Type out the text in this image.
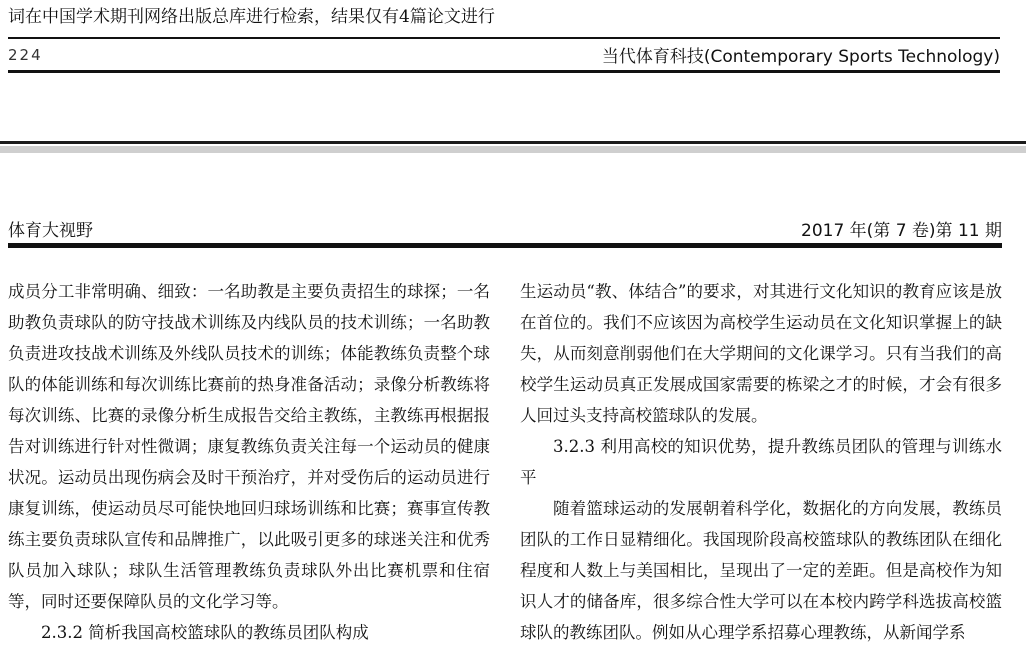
词在中国学术期刊网络出版总库进行检索，结果仅有4篇论文进行
224	当代体育科技(Contemporary Sports Technology)
体育大视野	2017 年(第 7 卷)第 11 期

成员分工非常明确、细致：一名助教是主要负责招生的球探；一名助教负责球队的防守技战术训练及内线队员的技术训练；一名助教负责进攻技战术训练及外线队员技术的训练；体能教练负责整个球队的体能训练和每次训练比赛前的热身准备活动；录像分析教练将每次训练、比赛的录像分析生成报告交给主教练，主教练再根据报告对训练进行针对性微调；康复教练负责关注每一个运动员的健康状况。运动员出现伤病会及时干预治疗，并对受伤后的运动员进行康复训练，使运动员尽可能快地回归球场训练和比赛；赛事宣传教练主要负责球队宣传和品牌推广，以此吸引更多的球迷关注和优秀队员加入球队；球队生活管理教练负责球队外出比赛机票和住宿等，同时还要保障队员的文化学习等。

2.3.2 简析我国高校篮球队的教练员团队构成

生运动员“教、体结合”的要求，对其进行文化知识的教育应该是放在首位的。我们不应该因为高校学生运动员在文化知识掌握上的缺失，从而刻意削弱他们在大学期间的文化课学习。只有当我们的高校学生运动员真正发展成国家需要的栋梁之才的时候，才会有很多人回过头支持高校篮球队的发展。

3.2.3 利用高校的知识优势，提升教练员团队的管理与训练水平

随着篮球运动的发展朝着科学化，数据化的方向发展，教练员团队的工作日显精细化。我国现阶段高校篮球队的教练团队在细化程度和人数上与美国相比，呈现出了一定的差距。但是高校作为知识人才的储备库，很多综合性大学可以在本校内跨学科选拔高校篮球队的教练团队。例如从心理学系招募心理教练，从新闻学系
